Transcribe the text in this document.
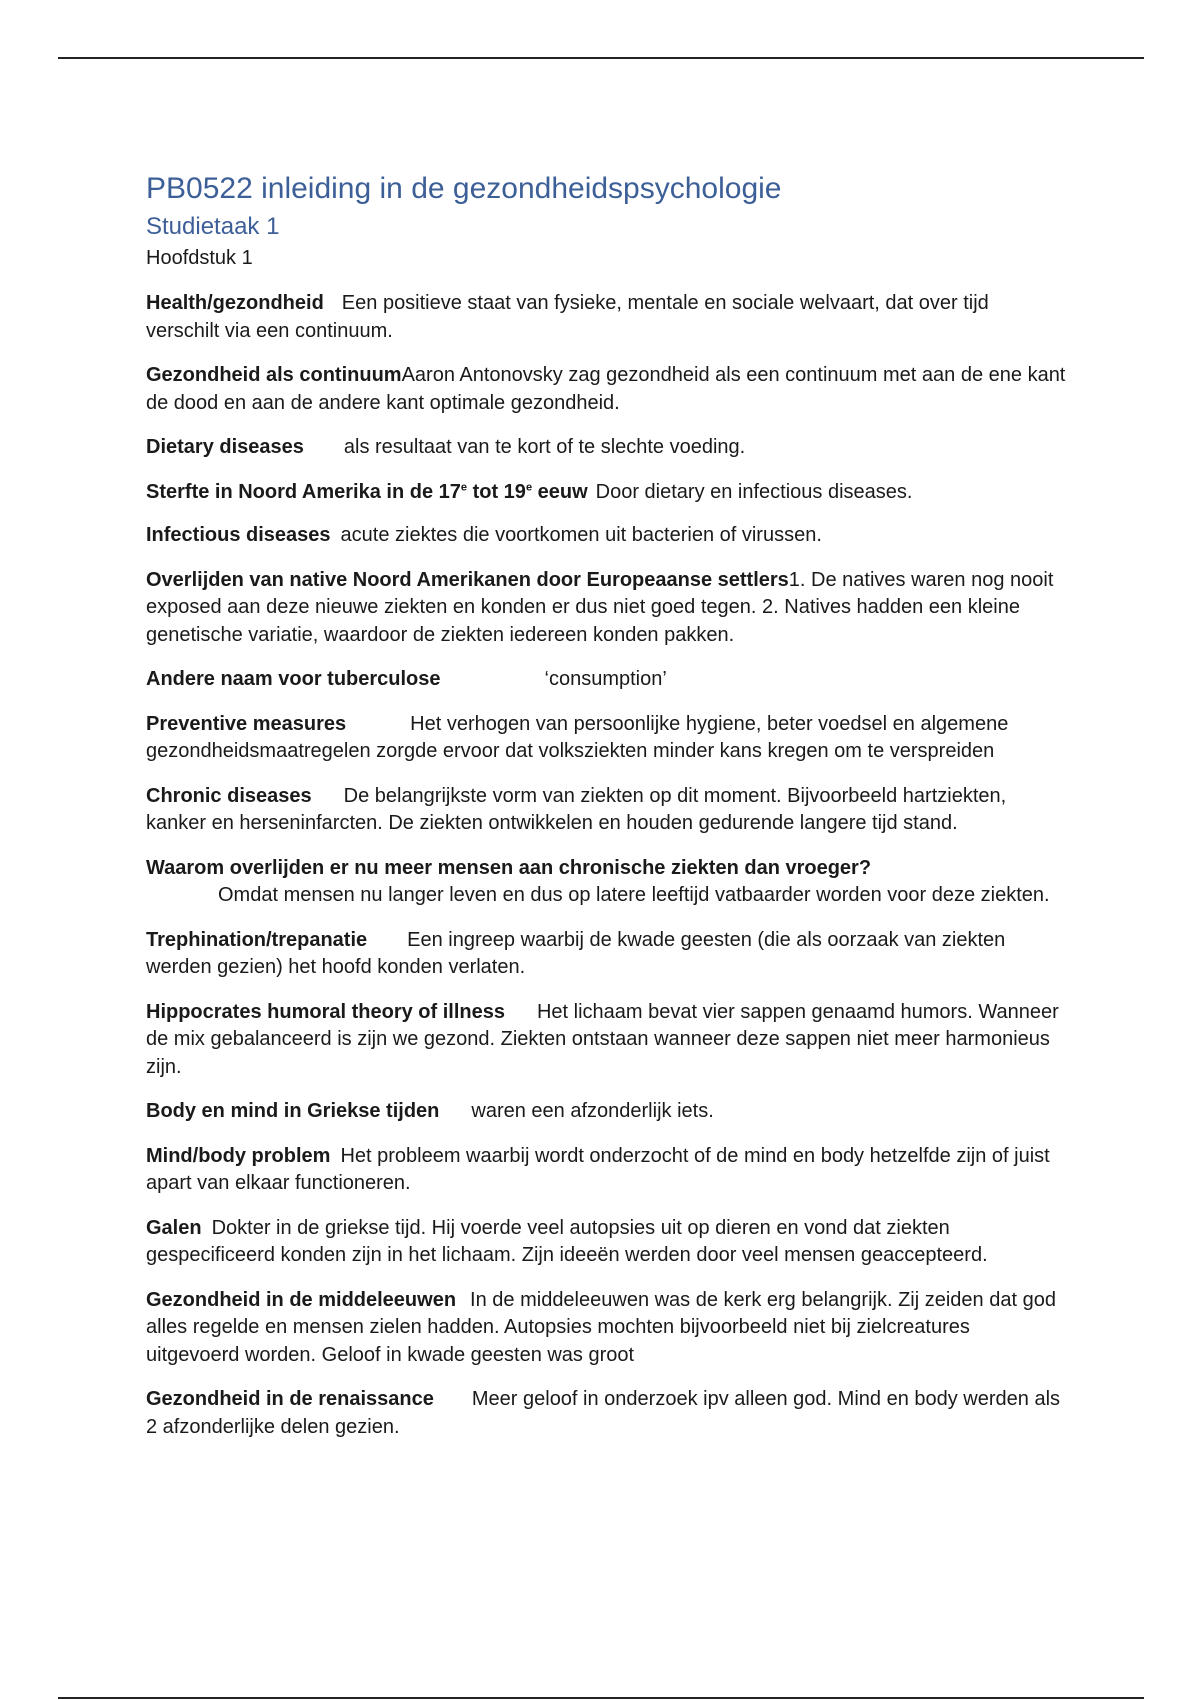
PB0522 inleiding in de gezondheidspsychologie
Studietaak 1
Hoofdstuk 1

Health/gezondheid Een positieve staat van fysieke, mentale en sociale welvaart, dat over tijd verschilt via een continuum.

Gezondheid als continuumAaron Antonovsky zag gezondheid als een continuum met aan de ene kant de dood en aan de andere kant optimale gezondheid.

Dietary diseases als resultaat van te kort of te slechte voeding.

Sterfte in Noord Amerika in de 17e tot 19e eeuw Door dietary en infectious diseases.

Infectious diseases acute ziektes die voortkomen uit bacterien of virussen.

Overlijden van native Noord Amerikanen door Europeaanse settlers1. De natives waren nog nooit exposed aan deze nieuwe ziekten en konden er dus niet goed tegen. 2. Natives hadden een kleine genetische variatie, waardoor de ziekten iedereen konden pakken.

Andere naam voor tuberculose	‘consumption’

Preventive measures	Het verhogen van persoonlijke hygiene, beter voedsel en algemene gezondheidsmaatregelen zorgde ervoor dat volksziekten minder kans kregen om te verspreiden

Chronic diseases De belangrijkste vorm van ziekten op dit moment. Bijvoorbeeld hartziekten, kanker en herseninfarcten. De ziekten ontwikkelen en houden gedurende langere tijd stand.

Waarom overlijden er nu meer mensen aan chronische ziekten dan vroeger?
Omdat mensen nu langer leven en dus op latere leeftijd vatbaarder worden voor deze ziekten.

Trephination/trepanatie Een ingreep waarbij de kwade geesten (die als oorzaak van ziekten werden gezien) het hoofd konden verlaten.

Hippocrates humoral theory of illness Het lichaam bevat vier sappen genaamd humors. Wanneer de mix gebalanceerd is zijn we gezond. Ziekten ontstaan wanneer deze sappen niet meer harmonieus zijn.

Body en mind in Griekse tijden waren een afzonderlijk iets.

Mind/body problem Het probleem waarbij wordt onderzocht of de mind en body hetzelfde zijn of juist apart van elkaar functioneren.

Galen Dokter in de griekse tijd. Hij voerde veel autopsies uit op dieren en vond dat ziekten gespecificeerd konden zijn in het lichaam. Zijn ideeën werden door veel mensen geaccepteerd.

Gezondheid in de middeleeuwen In de middeleeuwen was de kerk erg belangrijk. Zij zeiden dat god alles regelde en mensen zielen hadden. Autopsies mochten bijvoorbeeld niet bij zielcreatures uitgevoerd worden. Geloof in kwade geesten was groot

Gezondheid in de renaissance Meer geloof in onderzoek ipv alleen god. Mind en body werden als 2 afzonderlijke delen gezien.
